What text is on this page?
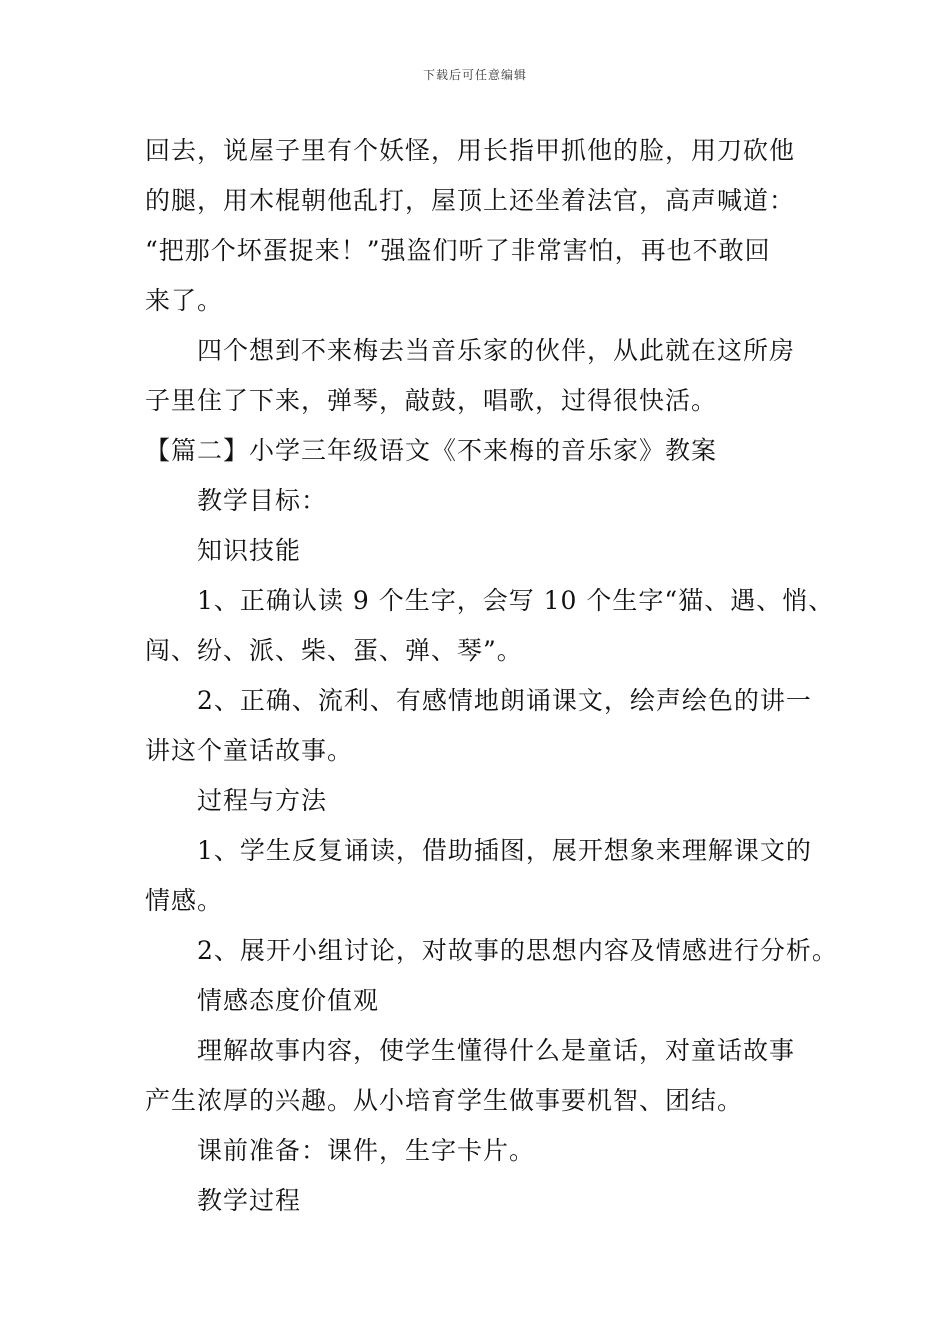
下载后可任意编辑
回去，说屋子里有个妖怪，用长指甲抓他的脸，用刀砍他
的腿，用木棍朝他乱打，屋顶上还坐着法官，高声喊道：
“把那个坏蛋捉来！”强盗们听了非常害怕，再也不敢回
来了。
四个想到不来梅去当音乐家的伙伴，从此就在这所房
子里住了下来，弹琴，敲鼓，唱歌，过得很快活。
【篇二】小学三年级语文《不来梅的音乐家》教案
教学目标：
知识技能
1、正确认读 9 个生字，会写 10 个生字“猫、遇、悄、
闯、纷、派、柴、蛋、弹、琴”。
2、正确、流利、有感情地朗诵课文，绘声绘色的讲一
讲这个童话故事。
过程与方法
1、学生反复诵读，借助插图，展开想象来理解课文的
情感。
2、展开小组讨论，对故事的思想内容及情感进行分析。
情感态度价值观
理解故事内容，使学生懂得什么是童话，对童话故事
产生浓厚的兴趣。从小培育学生做事要机智、团结。
课前准备：课件，生字卡片。
教学过程
